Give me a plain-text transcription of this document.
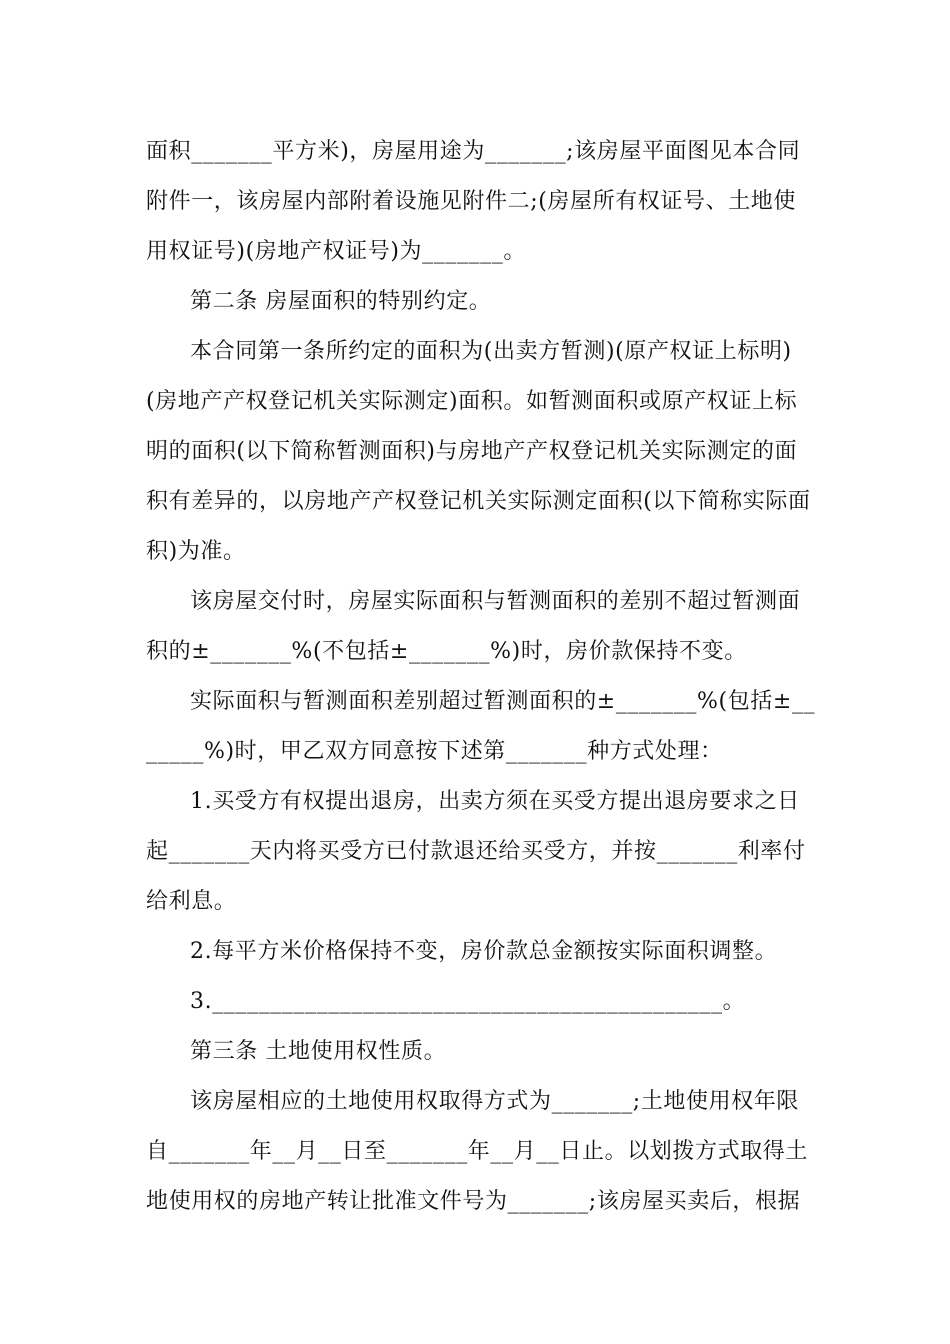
面积_______平方米)，房屋用途为_______;该房屋平面图见本合同
附件一，该房屋内部附着设施见附件二;(房屋所有权证号、土地使
用权证号)(房地产权证号)为_______。
第二条 房屋面积的特别约定。
本合同第一条所约定的面积为(出卖方暂测)(原产权证上标明)
(房地产产权登记机关实际测定)面积。如暂测面积或原产权证上标
明的面积(以下简称暂测面积)与房地产产权登记机关实际测定的面
积有差异的，以房地产产权登记机关实际测定面积(以下简称实际面
积)为准。
该房屋交付时，房屋实际面积与暂测面积的差别不超过暂测面
积的±_______%(不包括±_______%)时，房价款保持不变。
实际面积与暂测面积差别超过暂测面积的±_______%(包括±__
_____%)时，甲乙双方同意按下述第_______种方式处理：
1.买受方有权提出退房，出卖方须在买受方提出退房要求之日
起_______天内将买受方已付款退还给买受方，并按_______利率付
给利息。
2.每平方米价格保持不变，房价款总金额按实际面积调整。
3.____________________________________________。
第三条 土地使用权性质。
该房屋相应的土地使用权取得方式为_______;土地使用权年限
自_______年__月__日至_______年__月__日止。以划拨方式取得土
地使用权的房地产转让批准文件号为_______;该房屋买卖后，根据
